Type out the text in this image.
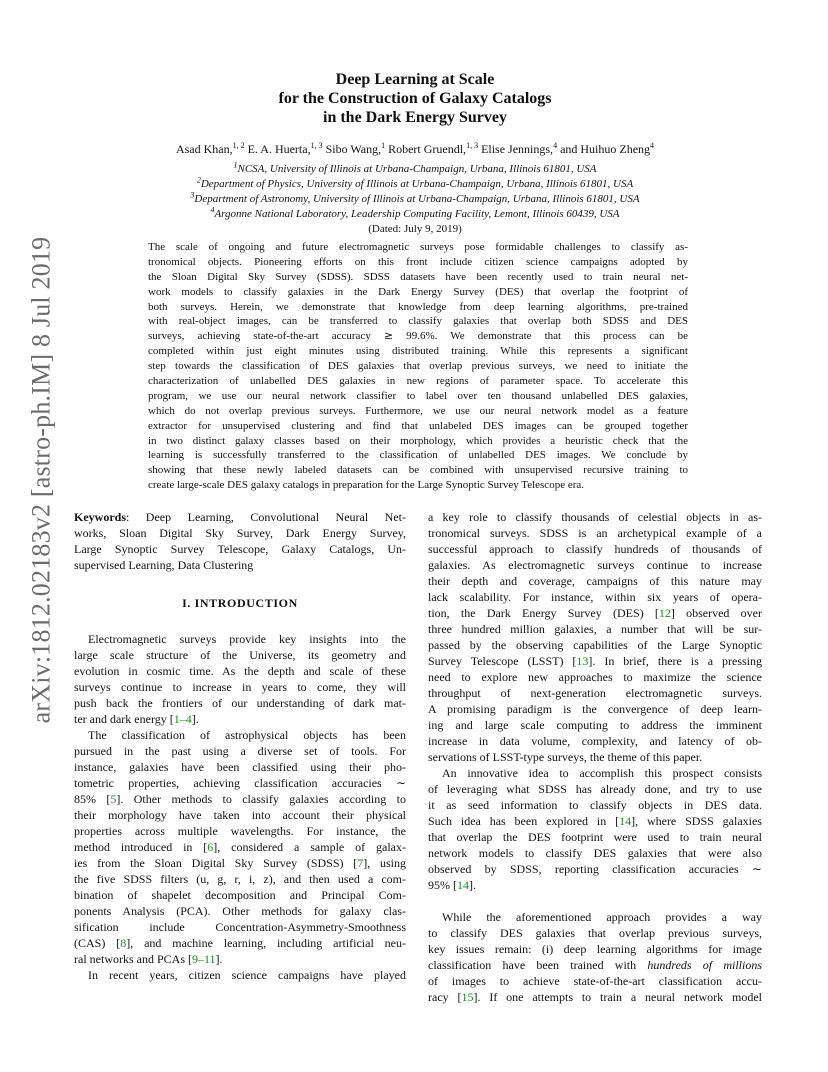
arXiv:1812.02183v2 [astro-ph.IM] 8 Jul 2019
Deep Learning at Scale
for the Construction of Galaxy Catalogs
in the Dark Energy Survey
Asad Khan,$^{1, 2}$ E. A. Huerta,$^{1, 3}$ Sibo Wang,$^1$ Robert Gruendl,$^{1, 3}$ Elise Jennings,$^4$ and Huihuo Zheng$^4$
$^1$NCSA, University of Illinois at Urbana-Champaign, Urbana, Illinois 61801, USA
$^2$Department of Physics, University of Illinois at Urbana-Champaign, Urbana, Illinois 61801, USA
$^3$Department of Astronomy, University of Illinois at Urbana-Champaign, Urbana, Illinois 61801, USA
$^4$Argonne National Laboratory, Leadership Computing Facility, Lemont, Illinois 60439, USA
(Dated: July 9, 2019)
The scale of ongoing and future electromagnetic surveys pose formidable challenges to classify as-
tronomical objects. Pioneering efforts on this front include citizen science campaigns adopted by
the Sloan Digital Sky Survey (SDSS). SDSS datasets have been recently used to train neural net-
work models to classify galaxies in the Dark Energy Survey (DES) that overlap the footprint of
both surveys. Herein, we demonstrate that knowledge from deep learning algorithms, pre-trained
with real-object images, can be transferred to classify galaxies that overlap both SDSS and DES
surveys, achieving state-of-the-art accuracy ≳ 99.6%. We demonstrate that this process can be
completed within just eight minutes using distributed training. While this represents a significant
step towards the classification of DES galaxies that overlap previous surveys, we need to initiate the
characterization of unlabelled DES galaxies in new regions of parameter space. To accelerate this
program, we use our neural network classifier to label over ten thousand unlabelled DES galaxies,
which do not overlap previous surveys. Furthermore, we use our neural network model as a feature
extractor for unsupervised clustering and find that unlabeled DES images can be grouped together
in two distinct galaxy classes based on their morphology, which provides a heuristic check that the
learning is successfully transferred to the classification of unlabelled DES images. We conclude by
showing that these newly labeled datasets can be combined with unsupervised recursive training to
create large-scale DES galaxy catalogs in preparation for the Large Synoptic Survey Telescope era.
Keywords: Deep Learning, Convolutional Neural Net-
works, Sloan Digital Sky Survey, Dark Energy Survey,
Large Synoptic Survey Telescope, Galaxy Catalogs, Un-
supervised Learning, Data Clustering
I. INTRODUCTION
Electromagnetic surveys provide key insights into the
large scale structure of the Universe, its geometry and
evolution in cosmic time. As the depth and scale of these
surveys continue to increase in years to come, they will
push back the frontiers of our understanding of dark mat-
ter and dark energy [1–4].
The classification of astrophysical objects has been
pursued in the past using a diverse set of tools. For
instance, galaxies have been classified using their pho-
tometric properties, achieving classification accuracies ∼
85% [5]. Other methods to classify galaxies according to
their morphology have taken into account their physical
properties across multiple wavelengths. For instance, the
method introduced in [6], considered a sample of galax-
ies from the Sloan Digital Sky Survey (SDSS) [7], using
the five SDSS filters (u, g, r, i, z), and then used a com-
bination of shapelet decomposition and Principal Com-
ponents Analysis (PCA). Other methods for galaxy clas-
sification include Concentration-Asymmetry-Smoothness
(CAS) [8], and machine learning, including artificial neu-
ral networks and PCAs [9–11].
In recent years, citizen science campaigns have played
a key role to classify thousands of celestial objects in as-
tronomical surveys. SDSS is an archetypical example of a
successful approach to classify hundreds of thousands of
galaxies. As electromagnetic surveys continue to increase
their depth and coverage, campaigns of this nature may
lack scalability. For instance, within six years of opera-
tion, the Dark Energy Survey (DES) [12] observed over
three hundred million galaxies, a number that will be sur-
passed by the observing capabilities of the Large Synoptic
Survey Telescope (LSST) [13]. In brief, there is a pressing
need to explore new approaches to maximize the science
throughput of next-generation electromagnetic surveys.
A promising paradigm is the convergence of deep learn-
ing and large scale computing to address the imminent
increase in data volume, complexity, and latency of ob-
servations of LSST-type surveys, the theme of this paper.
An innovative idea to accomplish this prospect consists
of leveraging what SDSS has already done, and try to use
it as seed information to classify objects in DES data.
Such idea has been explored in [14], where SDSS galaxies
that overlap the DES footprint were used to train neural
network models to classify DES galaxies that were also
observed by SDSS, reporting classification accuracies ∼
95% [14].
While the aforementioned approach provides a way
to classify DES galaxies that overlap previous surveys,
key issues remain: (i) deep learning algorithms for image
classification have been trained with hundreds of millions
of images to achieve state-of-the-art classification accu-
racy [15]. If one attempts to train a neural network model
